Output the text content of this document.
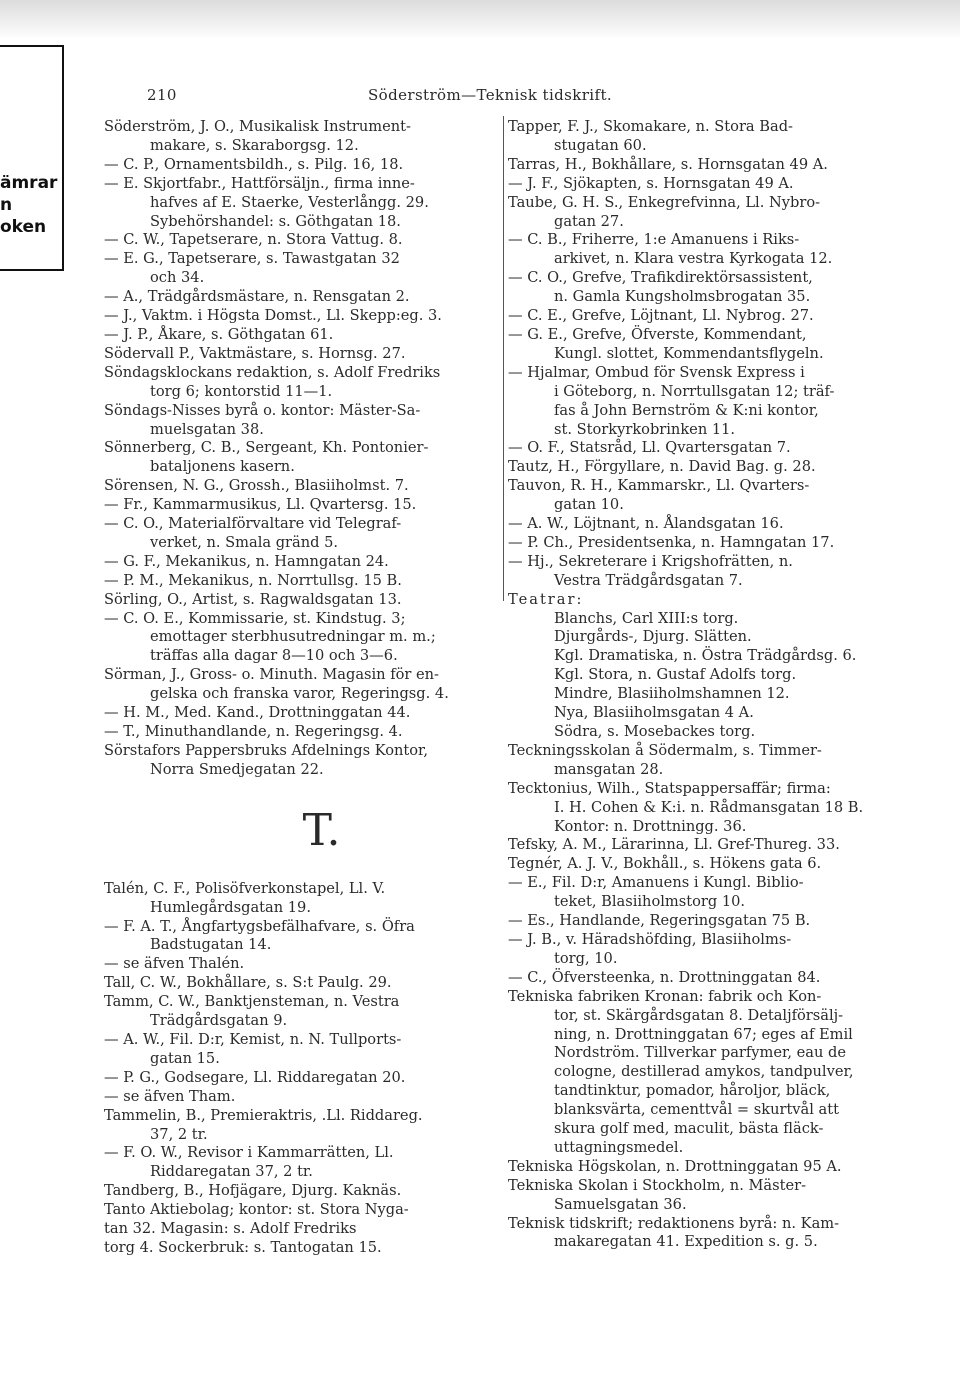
ämrar
n
oken
210	Söderström—Teknisk tidskrift.
Söderström, J. O., Musikalisk Instrument-
makare, s. Skaraborgsg. 12.
— C. P., Ornamentsbildh., s. Pilg. 16, 18.
— E. Skjortfabr., Hattförsäljn., firma inne-
hafves af E. Staerke, Vesterlångg. 29.
Sybehörshandel: s. Göthgatan 18.
— C. W., Tapetserare, n. Stora Vattug. 8.
— E. G., Tapetserare, s. Tawastgatan 32
och 34.
— A., Trädgårdsmästare, n. Rensgatan 2.
— J., Vaktm. i Högsta Domst., Ll. Skepp:eg. 3.
— J. P., Åkare, s. Göthgatan 61.
Södervall P., Vaktmästare, s. Hornsg. 27.
Söndagsklockans redaktion, s. Adolf Fredriks
torg 6; kontorstid 11—1.
Söndags-Nisses byrå o. kontor: Mäster-Sa-
muelsgatan 38.
Sönnerberg, C. B., Sergeant, Kh. Pontonier-
bataljonens kasern.
Sörensen, N. G., Grossh., Blasiiholmst. 7.
— Fr., Kammarmusikus, Ll. Qvartersg. 15.
— C. O., Materialförvaltare vid Telegraf-
verket, n. Smala gränd 5.
— G. F., Mekanikus, n. Hamngatan 24.
— P. M., Mekanikus, n. Norrtullsg. 15 B.
Sörling, O., Artist, s. Ragwaldsgatan 13.
— C. O. E., Kommissarie, st. Kindstug. 3;
emottager sterbhusutredningar m. m.;
träffas alla dagar 8—10 och 3—6.
Sörman, J., Gross- o. Minuth. Magasin för en-
gelska och franska varor, Regeringsg. 4.
— H. M., Med. Kand., Drottninggatan 44.
— T., Minuthandlande, n. Regeringsg. 4.
Sörstafors Pappersbruks Afdelnings Kontor,
Norra Smedjegatan 22.
T.
Talén, C. F., Polisöfverkonstapel, Ll. V.
Humlegårdsgatan 19.
— F. A. T., Ångfartygsbefälhafvare, s. Öfra
Badstugatan 14.
— se äfven Thalén.
Tall, C. W., Bokhållare, s. S:t Paulg. 29.
Tamm, C. W., Banktjensteman, n. Vestra
Trädgårdsgatan 9.
— A. W., Fil. D:r, Kemist, n. N. Tullports-
gatan 15.
— P. G., Godsegare, Ll. Riddaregatan 20.
— se äfven Tham.
Tammelin, B., Premieraktris, .Ll. Riddareg.
37, 2 tr.
— F. O. W., Revisor i Kammarrätten, Ll.
Riddaregatan 37, 2 tr.
Tandberg, B., Hofjägare, Djurg. Kaknäs.
Tanto Aktiebolag; kontor: st. Stora Nyga-
tan 32. Magasin: s. Adolf Fredriks
torg 4. Sockerbruk: s. Tantogatan 15.
Tapper, F. J., Skomakare, n. Stora Bad-
stugatan 60.
Tarras, H., Bokhållare, s. Hornsgatan 49 A.
— J. F., Sjökapten, s. Hornsgatan 49 A.
Taube, G. H. S., Enkegrefvinna, Ll. Nybro-
gatan 27.
— C. B., Friherre, 1:e Amanuens i Riks-
arkivet, n. Klara vestra Kyrkogata 12.
— C. O., Grefve, Trafikdirektörsassistent,
n. Gamla Kungsholmsbrogatan 35.
— C. E., Grefve, Löjtnant, Ll. Nybrog. 27.
— G. E., Grefve, Öfverste, Kommendant,
Kungl. slottet, Kommendantsflygeln.
— Hjalmar, Ombud för Svensk Express i
i Göteborg, n. Norrtullsgatan 12; träf-
fas å John Bernström & K:ni kontor,
st. Storkyrkobrinken 11.
— O. F., Statsråd, Ll. Qvartersgatan 7.
Tautz, H., Förgyllare, n. David Bag. g. 28.
Tauvon, R. H., Kammarskr., Ll. Qvarters-
gatan 10.
— A. W., Löjtnant, n. Ålandsgatan 16.
— P. Ch., Presidentsenka, n. Hamngatan 17.
— Hj., Sekreterare i Krigshofrätten, n.
Vestra Trädgårdsgatan 7.
Teatrar:
Blanchs, Carl XIII:s torg.
Djurgårds-, Djurg. Slätten.
Kgl. Dramatiska, n. Östra Trädgårdsg. 6.
Kgl. Stora, n. Gustaf Adolfs torg.
Mindre, Blasiiholmshamnen 12.
Nya, Blasiiholmsgatan 4 A.
Södra, s. Mosebackes torg.
Teckningsskolan å Södermalm, s. Timmer-
mansgatan 28.
Tecktonius, Wilh., Statspappersaffär; firma:
I. H. Cohen & K:i. n. Rådmansgatan 18 B.
Kontor: n. Drottningg. 36.
Tefsky, A. M., Lärarinna, Ll. Gref-Thureg. 33.
Tegnér, A. J. V., Bokhåll., s. Hökens gata 6.
— E., Fil. D:r, Amanuens i Kungl. Biblio-
teket, Blasiiholmstorg 10.
— Es., Handlande, Regeringsgatan 75 B.
— J. B., v. Häradshöfding, Blasiiholms-
torg, 10.
— C., Öfversteenka, n. Drottninggatan 84.
Tekniska fabriken Kronan: fabrik och Kon-
tor, st. Skärgårdsgatan 8. Detaljförsälj-
ning, n. Drottninggatan 67; eges af Emil
Nordström. Tillverkar parfymer, eau de
cologne, destillerad amykos, tandpulver,
tandtinktur, pomador, håroljor, bläck,
blanksvärta, cementtvål = skurtvål att
skura golf med, maculit, bästa fläck-
uttagningsmedel.
Tekniska Högskolan, n. Drottninggatan 95 A.
Tekniska Skolan i Stockholm, n. Mäster-
Samuelsgatan 36.
Teknisk tidskrift; redaktionens byrå: n. Kam-
makaregatan 41. Expedition s. g. 5.
